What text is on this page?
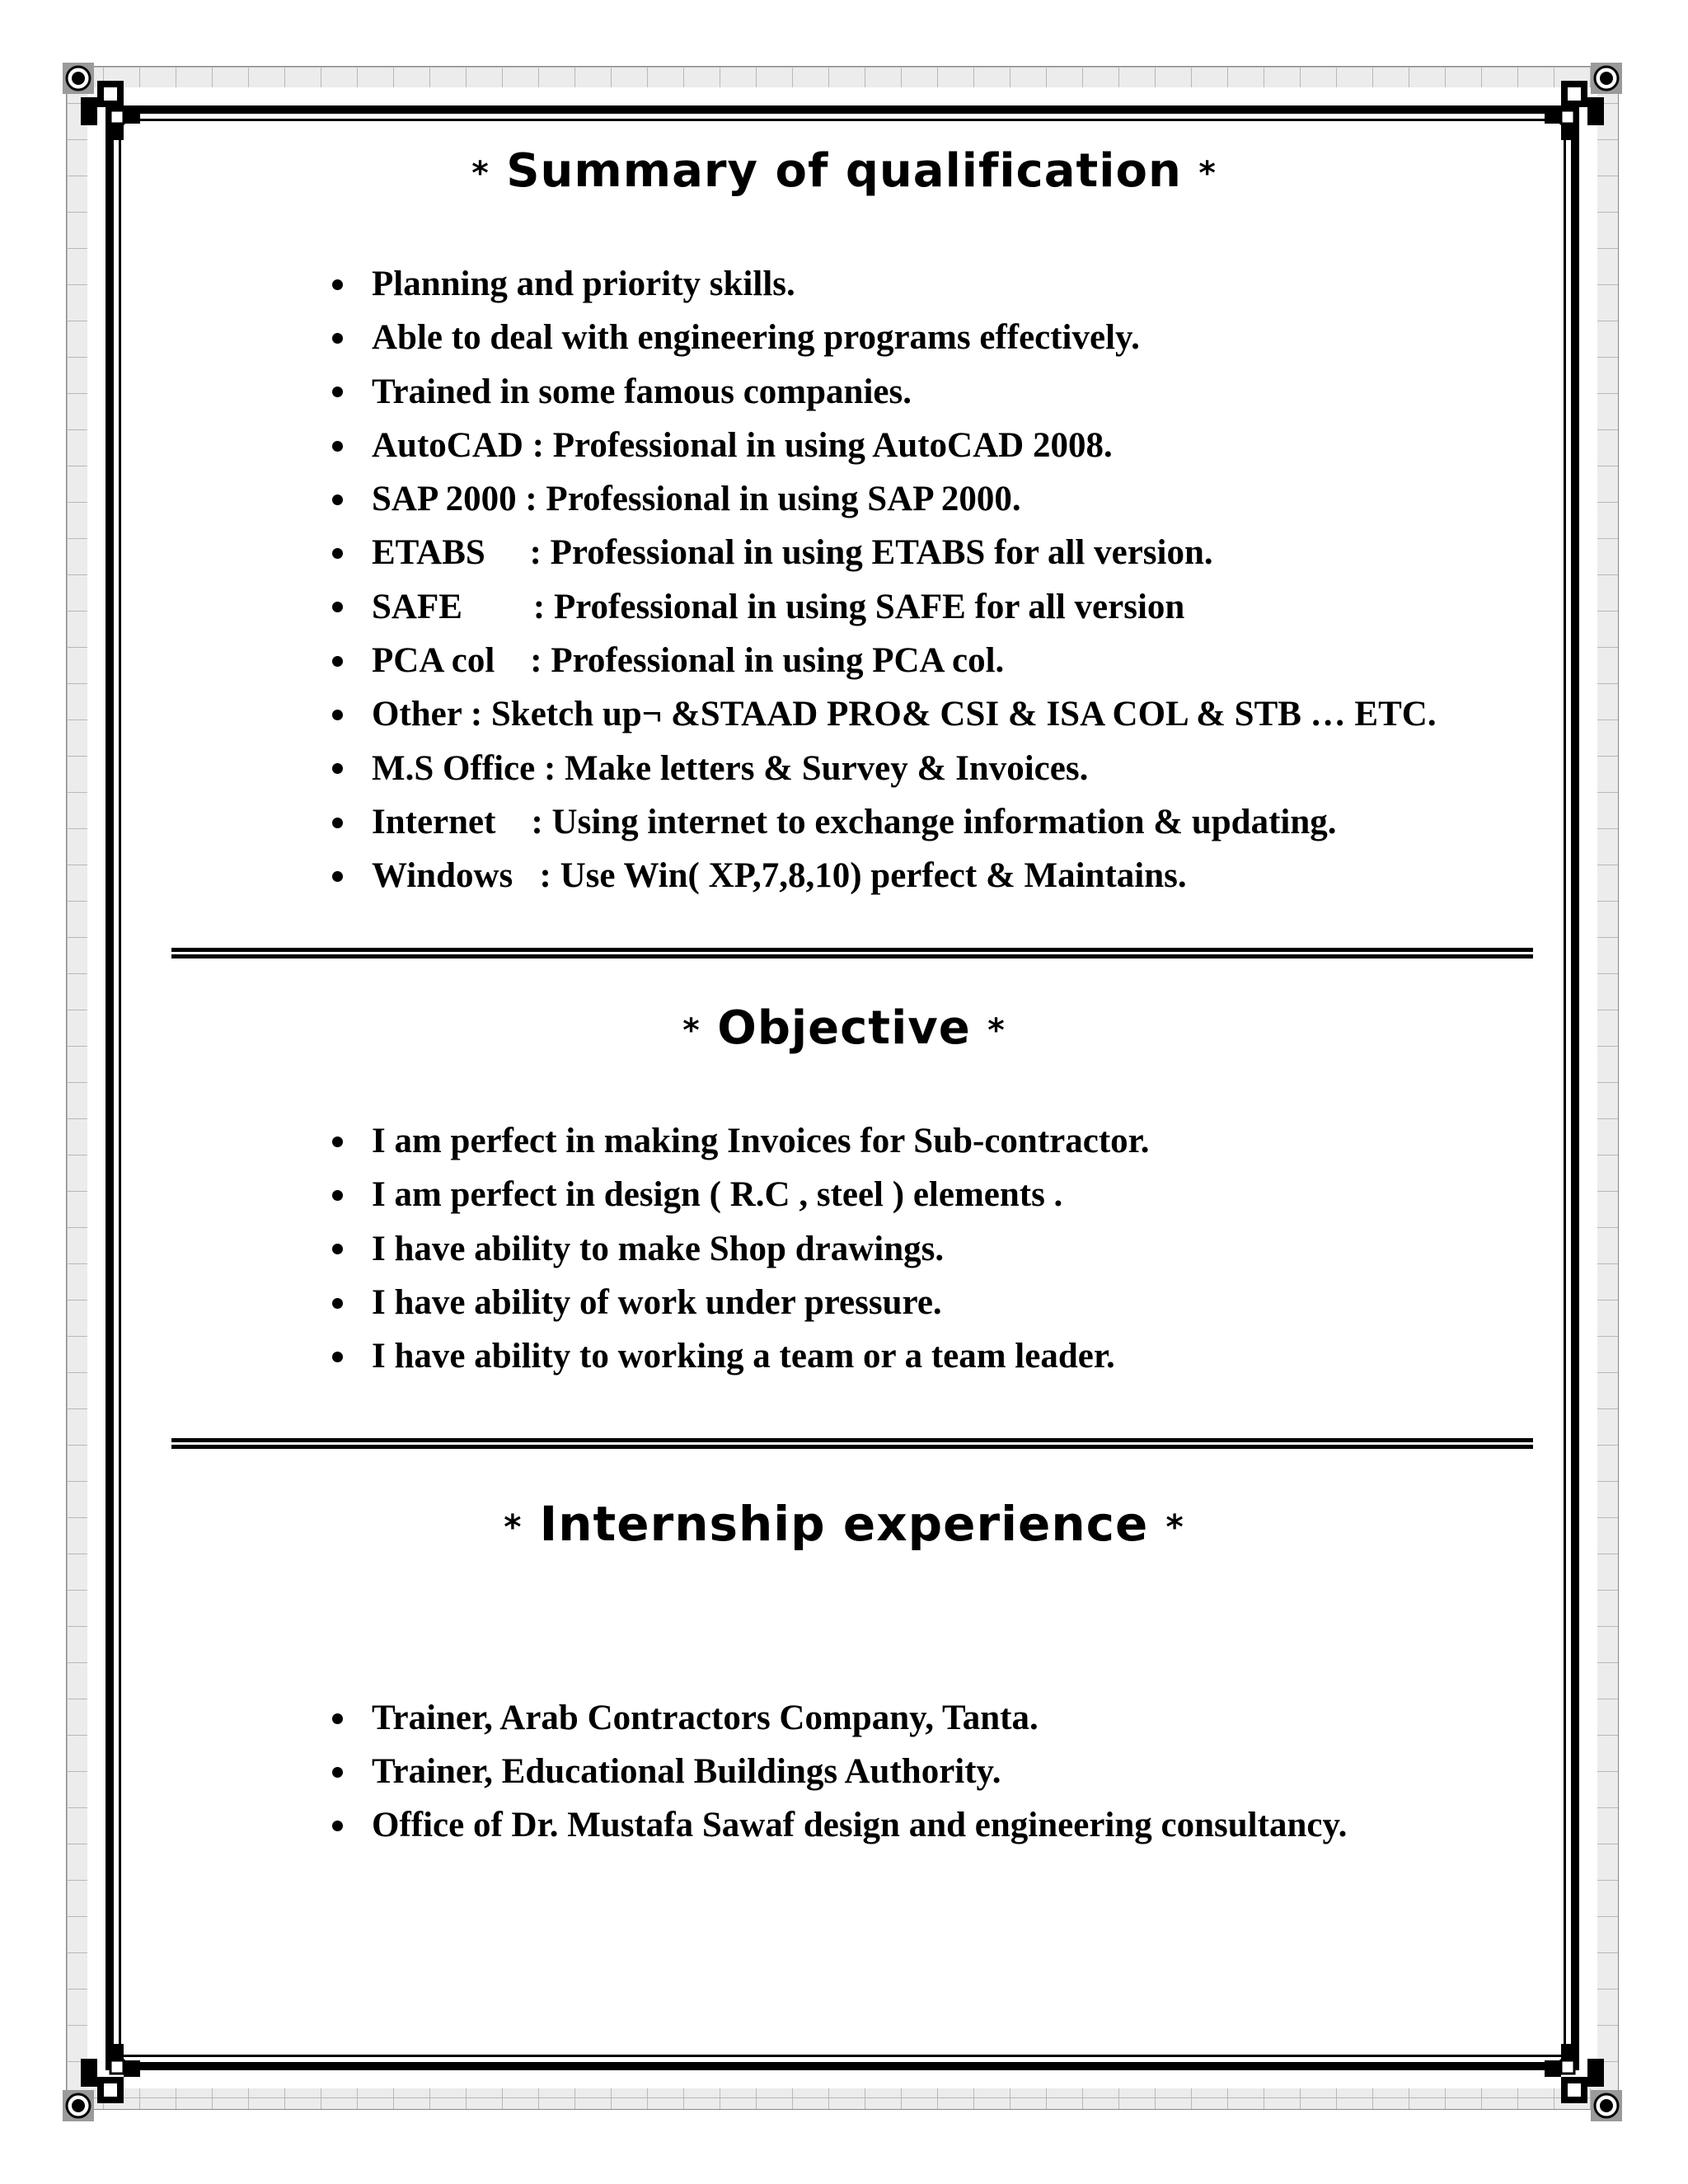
* Summary of qualification *
Planning and priority skills.
Able to deal with engineering programs effectively.
Trained in some famous companies.
AutoCAD : Professional in using AutoCAD 2008.
SAP 2000 : Professional in using SAP 2000.
ETABS     : Professional in using ETABS for all version.
SAFE        : Professional in using SAFE for all version
PCA col    : Professional in using PCA col.
Other : Sketch up¬ &STAAD PRO& CSI & ISA COL & STB … ETC.
M.S Office : Make letters & Survey & Invoices.
Internet    : Using internet to exchange information & updating.
Windows   : Use Win( XP,7,8,10) perfect & Maintains.
* Objective *
I am perfect in making Invoices for Sub-contractor.
I am perfect in design ( R.C , steel ) elements .
I have ability to make Shop drawings.
I have ability of work under pressure.
I have ability to working a team or a team leader.
* Internship experience *
Trainer, Arab Contractors Company, Tanta.
Trainer, Educational Buildings Authority.
Office of Dr. Mustafa Sawaf design and engineering consultancy.
